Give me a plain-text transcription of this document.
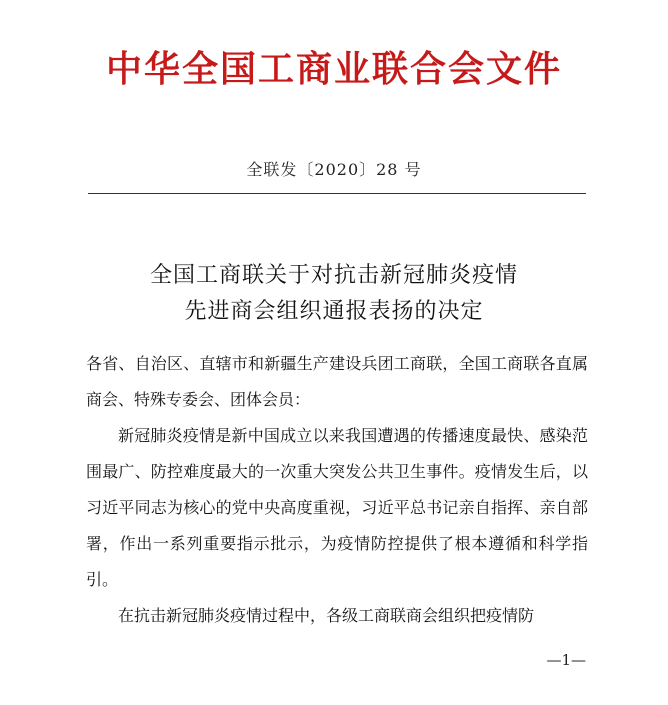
中华全国工商业联合会文件
全联发〔2020〕28 号
全国工商联关于对抗击新冠肺炎疫情
先进商会组织通报表扬的决定

各省、自治区、直辖市和新疆生产建设兵团工商联，全国工商联各直属商会、特殊专委会、团体会员：

新冠肺炎疫情是新中国成立以来我国遭遇的传播速度最快、感染范围最广、防控难度最大的一次重大突发公共卫生事件。疫情发生后，以习近平同志为核心的党中央高度重视，习近平总书记亲自指挥、亲自部署，作出一系列重要指示批示，为疫情防控提供了根本遵循和科学指引。

在抗击新冠肺炎疫情过程中，各级工商联商会组织把疫情防

—1—
